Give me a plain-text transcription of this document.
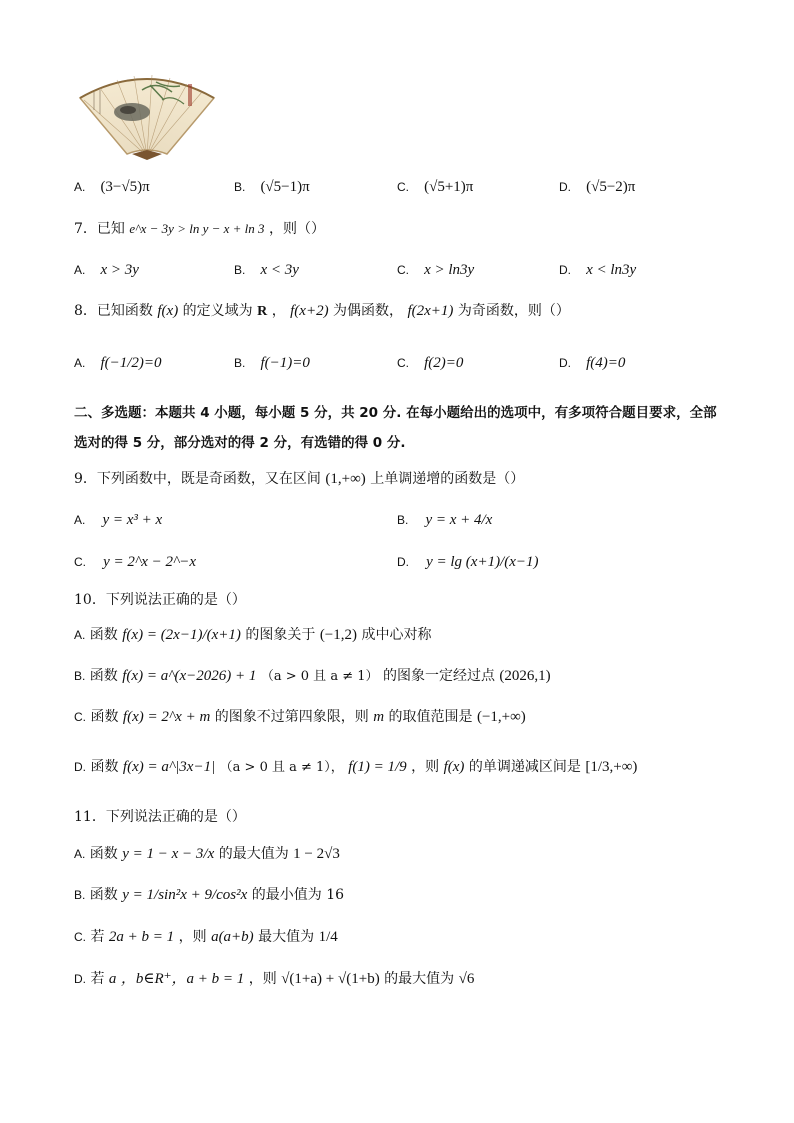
A. (3−√5)π	B. (√5−1)π	C. (√5+1)π	D. (√5−2)π
7．已知 e^x − 3y > ln y − x + ln 3 ，则（）
A. x > 3y	B. x < 3y	C. x > ln3y	D. x < ln3y
8．已知函数 f(x) 的定义域为 R ， f(x+2) 为偶函数， f(2x+1) 为奇函数，则（）
A. f(−1/2)=0	B. f(−1)=0	C. f(2)=0	D. f(4)=0
二、多选题：本题共 4 小题，每小题 5 分，共 20 分. 在每小题给出的选项中，有多项符合题目要求，全部
选对的得 5 分，部分选对的得 2 分，有选错的得 0 分.
9．下列函数中，既是奇函数，又在区间 (1,+∞) 上单调递增的函数是（）
A. y = x³ + x	B. y = x + 4/x
C. y = 2^x − 2^−x	D. y = lg (x+1)/(x−1)
10．下列说法正确的是（）
A. 函数 f(x) = (2x−1)/(x+1) 的图象关于 (−1,2) 成中心对称
B. 函数 f(x) = a^(x−2026) + 1 （a > 0 且 a ≠ 1） 的图象一定经过点 (2026,1)
C. 函数 f(x) = 2^x + m 的图象不过第四象限，则 m 的取值范围是 (−1,+∞)
D. 函数 f(x) = a^|3x−1| （a > 0 且 a ≠ 1）， f(1) = 1/9 ，则 f(x) 的单调递减区间是 [1/3,+∞)
11．下列说法正确的是（）
A. 函数 y = 1 − x − 3/x 的最大值为 1 − 2√3
B. 函数 y = 1/sin²x + 9/cos²x 的最小值为 16
C. 若 2a + b = 1 ，则 a(a+b) 最大值为 1/4
D. 若 a ，b∈R⁺，a + b = 1 ，则 √(1+a) + √(1+b) 的最大值为 √6
